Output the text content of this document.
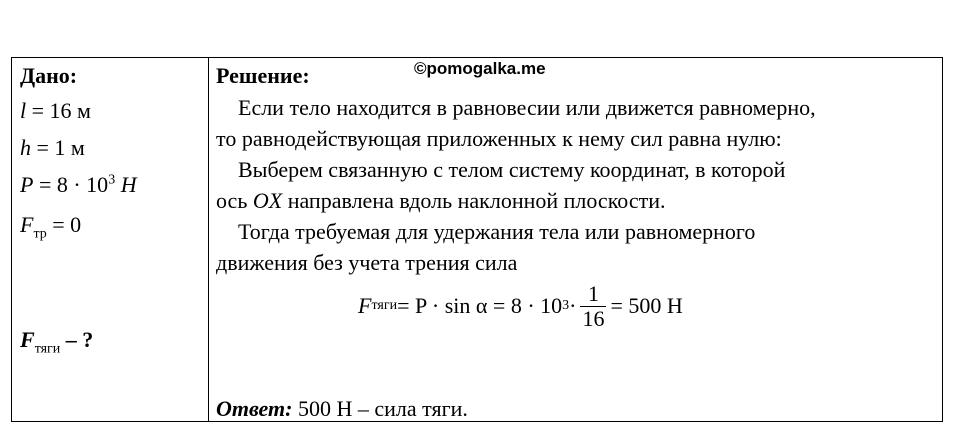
©pomogalka.me
Дано:
l = 16 м
h = 1 м
$P = 8 \cdot 10^3$ H
$F_{тр} = 0$
$F_{тяги}$ – ?
Решение:
Если тело находится в равновесии или движется равномерно,
то равнодействующая приложенных к нему сил равна нулю:
Выберем связанную с телом систему координат, в которой
ось OX направлена вдоль наклонной плоскости.
Тогда требуемая для удержания тела или равномерного
движения без учета трения сила
F тяги = P · sin α = 8 · 10 $3 \cdot \frac{1}{16} = 500$ H
Ответ: 500 H – сила тяги.
